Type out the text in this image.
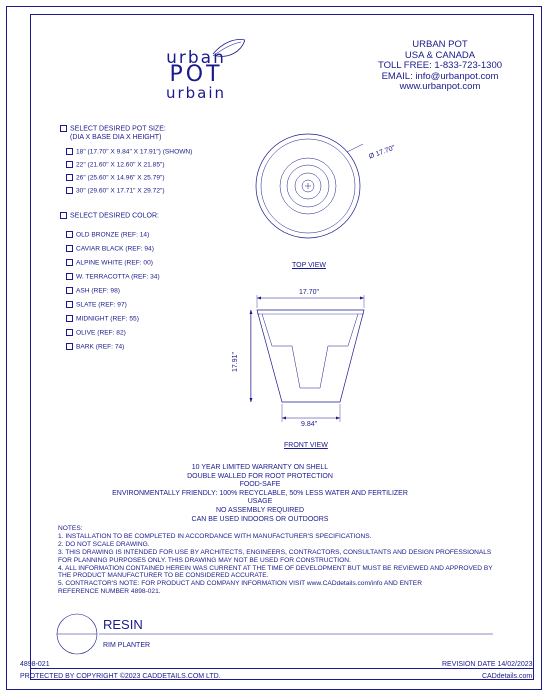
urban
POT
urbain
URBAN POT
USA & CANADA
TOLL FREE: 1-833-723-1300
EMAIL: info@urbanpot.com
www.urbanpot.com
SELECT DESIRED POT SIZE:
(DIA X BASE DIA X HEIGHT)
18" (17.70" X 9.84" X 17.91") (SHOWN)
22" (21.60" X 12.60" X 21.85")
26" (25.60" X 14.96" X 25.79")
30" (29.60" X 17.71" X 29.72")
SELECT DESIRED COLOR:
OLD BRONZE (REF: 14)
CAVIAR BLACK (REF: 94)
ALPINE WHITE (REF: 00)
W. TERRACOTTA (REF: 34)
ASH (REF: 98)
SLATE (REF: 97)
MIDNIGHT (REF: 55)
OLIVE (REF: 82)
BARK (REF: 74)
Ø 17.70"
TOP VIEW
17.70"
17.91"
9.84"
FRONT VIEW
10 YEAR LIMITED WARRANTY ON SHELL
DOUBLE WALLED FOR ROOT PROTECTION
FOOD-SAFE
ENVIRONMENTALLY FRIENDLY: 100% RECYCLABLE, 50% LESS WATER AND FERTILIZER USAGE
NO ASSEMBLY REQUIRED
CAN BE USED INDOORS OR OUTDOORS
NOTES:
1. INSTALLATION TO BE COMPLETED IN ACCORDANCE WITH MANUFACTURER'S SPECIFICATIONS.
2. DO NOT SCALE DRAWING.
3. THIS DRAWING IS INTENDED FOR USE BY ARCHITECTS, ENGINEERS, CONTRACTORS, CONSULTANTS AND DESIGN PROFESSIONALS
FOR PLANNING PURPOSES ONLY. THIS DRAWING MAY NOT BE USED FOR CONSTRUCTION.
4. ALL INFORMATION CONTAINED HEREIN WAS CURRENT AT THE TIME OF DEVELOPMENT BUT MUST BE REVIEWED AND APPROVED BY
THE PRODUCT MANUFACTURER TO BE CONSIDERED ACCURATE.
5. CONTRACTOR'S NOTE: FOR PRODUCT AND COMPANY INFORMATION VISIT www.CADdetails.com/info AND ENTER
REFERENCE NUMBER 4898-021.
RESIN
RIM PLANTER
4898-021	REVISION DATE 14/02/2023
PROTECTED BY COPYRIGHT ©2023 CADDETAILS.COM LTD.	CADdetails.com
